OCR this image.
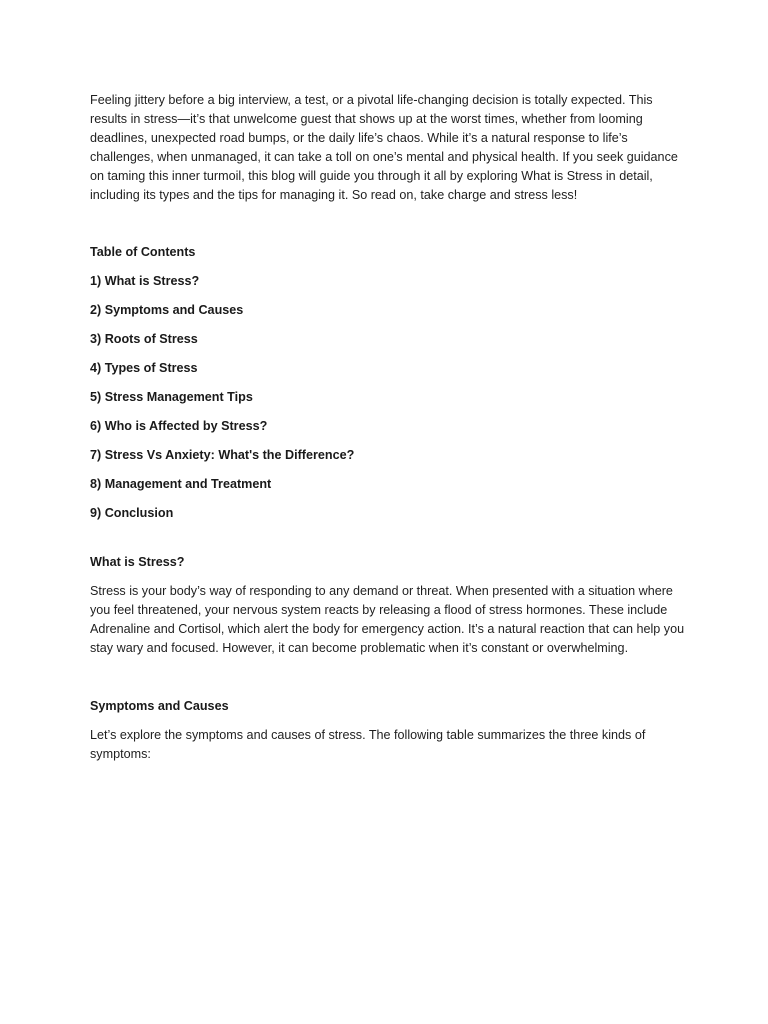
Feeling jittery before a big interview, a test, or a pivotal life-changing decision is totally expected. This results in stress—it’s that unwelcome guest that shows up at the worst times, whether from looming deadlines, unexpected road bumps, or the daily life’s chaos. While it’s a natural response to life’s challenges, when unmanaged, it can take a toll on one’s mental and physical health. If you seek guidance on taming this inner turmoil, this blog will guide you through it all by exploring What is Stress in detail, including its types and the tips for managing it. So read on, take charge and stress less!

Table of Contents

1) What is Stress?
2) Symptoms and Causes
3) Roots of Stress
4) Types of Stress
5) Stress Management Tips
6) Who is Affected by Stress?
7) Stress Vs Anxiety: What's the Difference?
8) Management and Treatment
9) Conclusion

What is Stress?

Stress is your body’s way of responding to any demand or threat. When presented with a situation where you feel threatened, your nervous system reacts by releasing a flood of stress hormones. These include Adrenaline and Cortisol, which alert the body for emergency action. It’s a natural reaction that can help you stay wary and focused. However, it can become problematic when it’s constant or overwhelming.

Symptoms and Causes

Let’s explore the symptoms and causes of stress. The following table summarizes the three kinds of symptoms:
